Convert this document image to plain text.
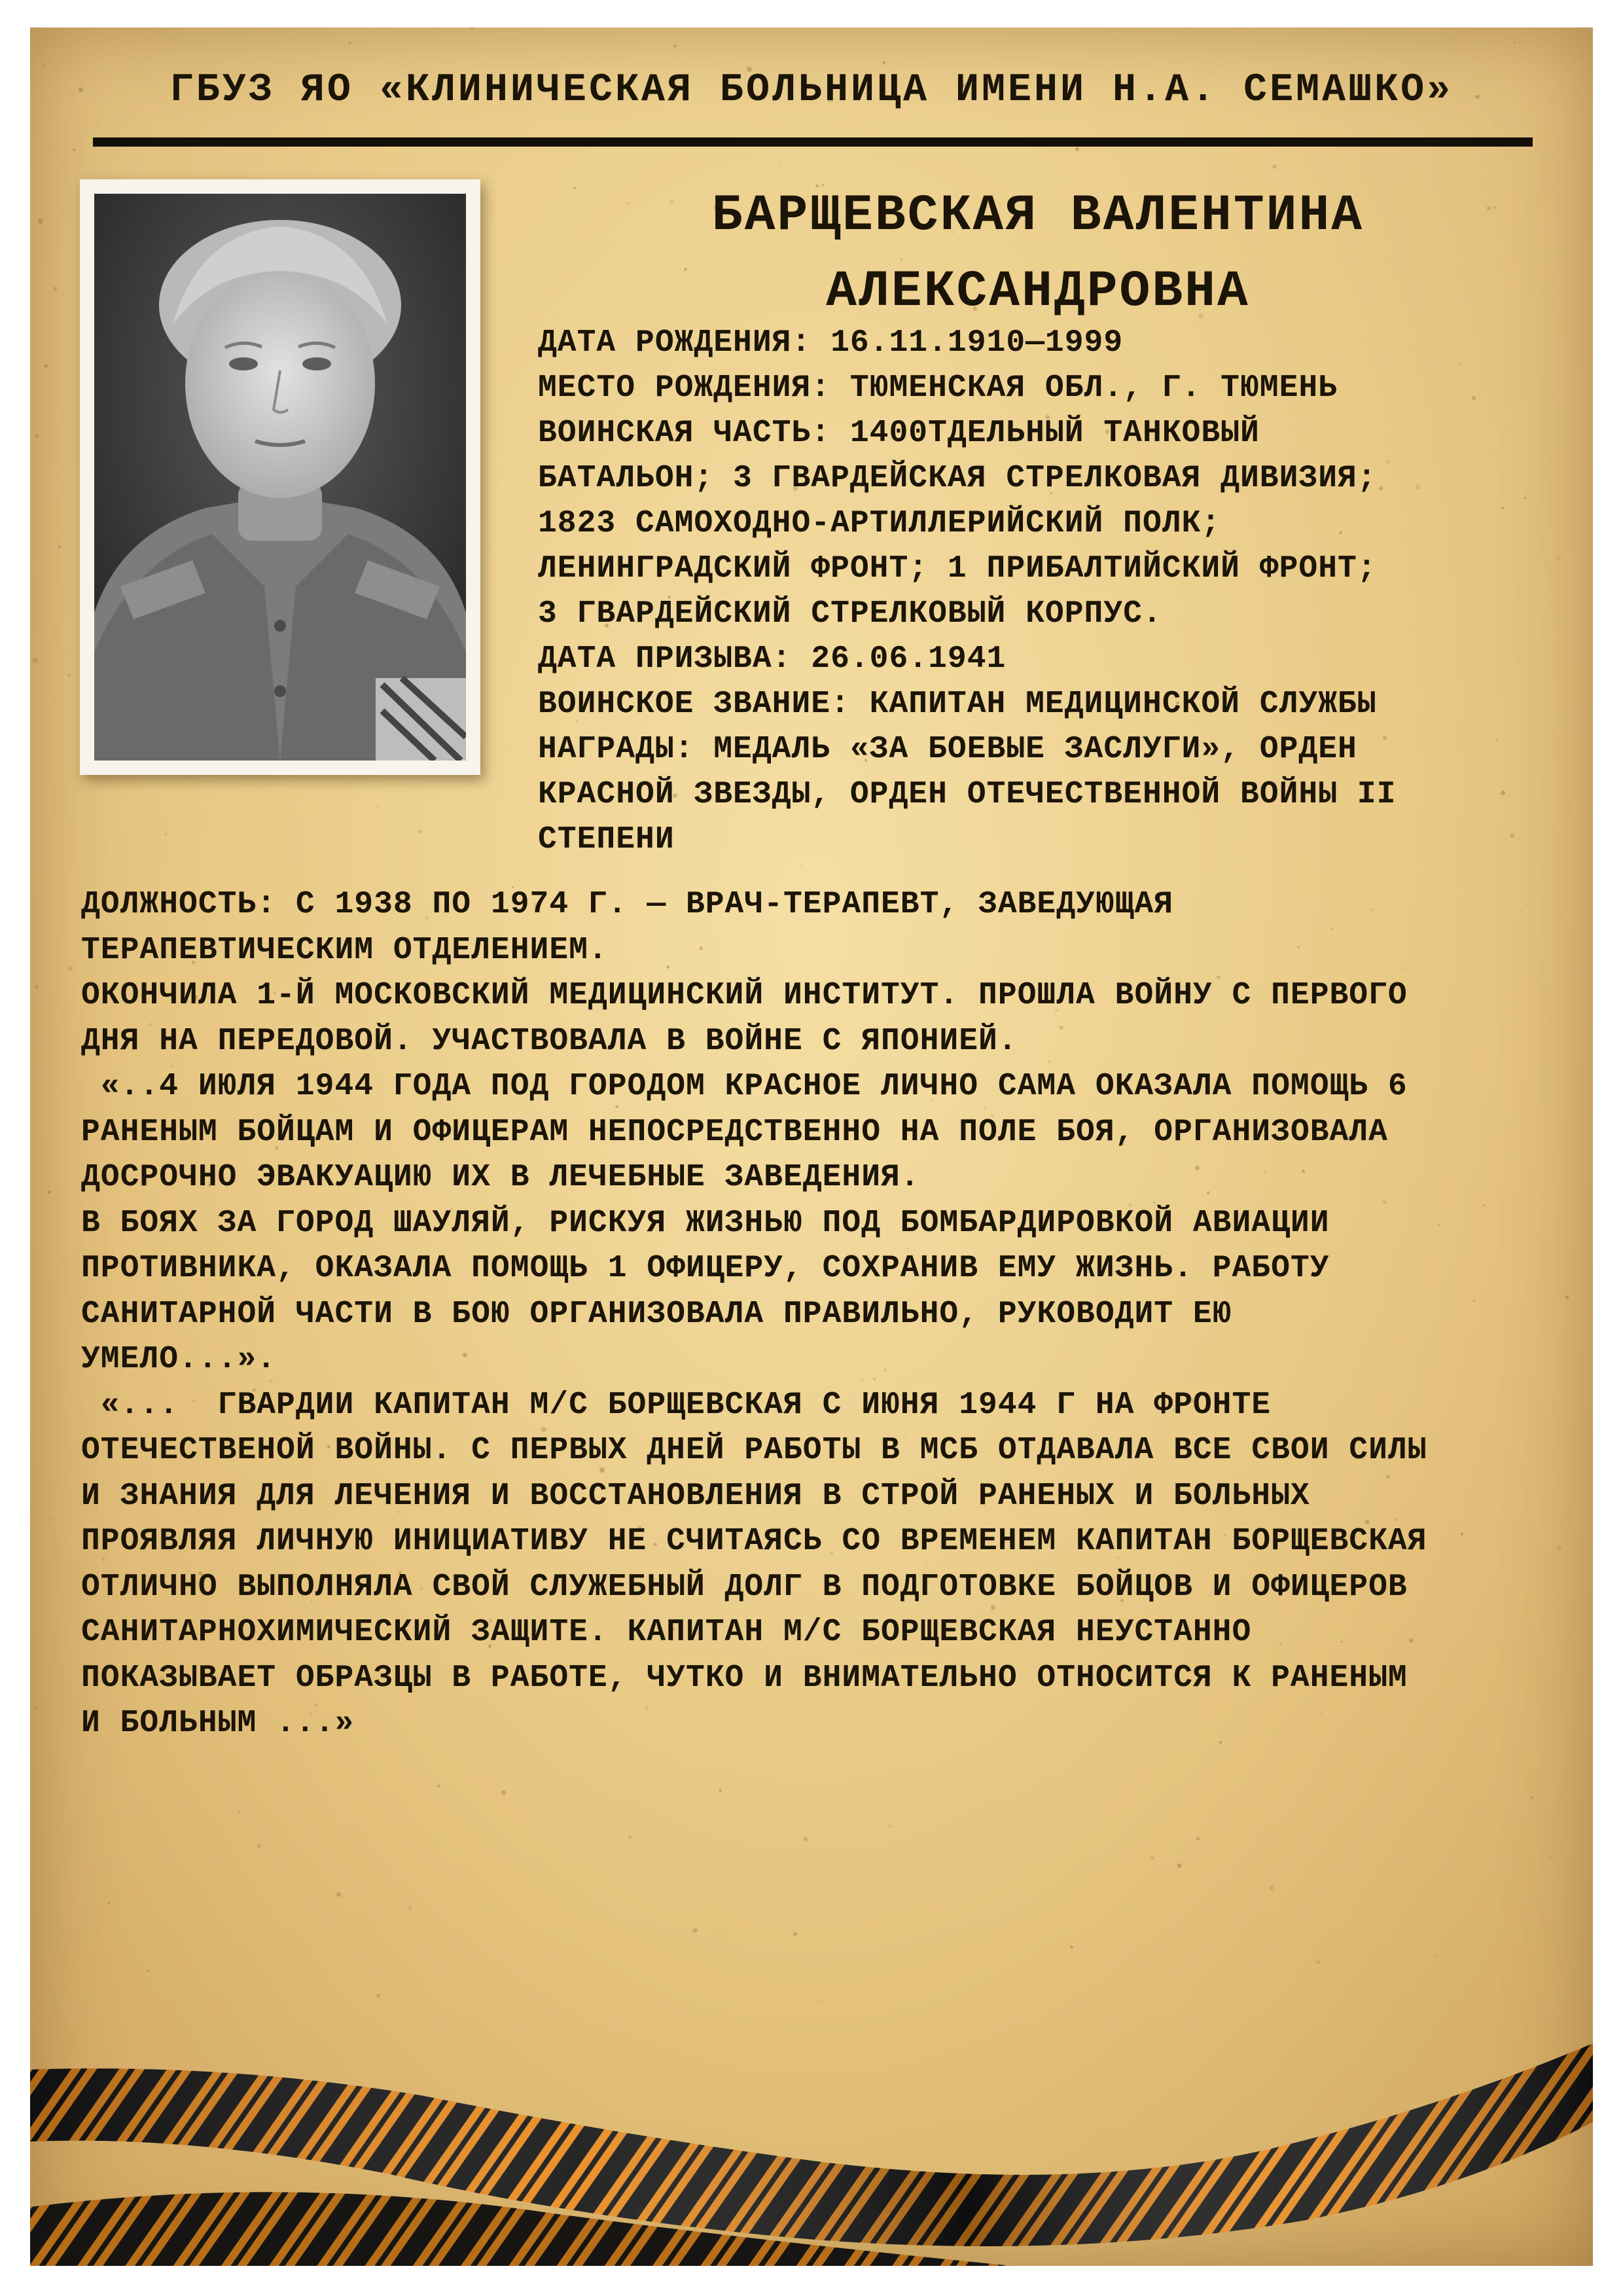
ГБУЗ ЯО «КЛИНИЧЕСКАЯ БОЛЬНИЦА ИМЕНИ Н.А. СЕМАШКО»
БАРЩЕВСКАЯ ВАЛЕНТИНА
АЛЕКСАНДРОВНА
ДАТА РОЖДЕНИЯ: 16.11.1910—1999
МЕСТО РОЖДЕНИЯ: ТЮМЕНСКАЯ ОБЛ., Г. ТЮМЕНЬ
ВОИНСКАЯ ЧАСТЬ: 1400ТДЕЛЬНЫЙ ТАНКОВЫЙ
БАТАЛЬОН; 3 ГВАРДЕЙСКАЯ СТРЕЛКОВАЯ ДИВИЗИЯ;
1823 САМОХОДНО-АРТИЛЛЕРИЙСКИЙ ПОЛК;
ЛЕНИНГРАДСКИЙ ФРОНТ; 1 ПРИБАЛТИЙСКИЙ ФРОНТ;
3 ГВАРДЕЙСКИЙ СТРЕЛКОВЫЙ КОРПУС.
ДАТА ПРИЗЫВА: 26.06.1941
ВОИНСКОЕ ЗВАНИЕ: КАПИТАН МЕДИЦИНСКОЙ СЛУЖБЫ
НАГРАДЫ: МЕДАЛЬ «ЗА БОЕВЫЕ ЗАСЛУГИ», ОРДЕН
КРАСНОЙ ЗВЕЗДЫ, ОРДЕН ОТЕЧЕСТВЕННОЙ ВОЙНЫ II
СТЕПЕНИ
ДОЛЖНОСТЬ: С 1938 ПО 1974 Г. — ВРАЧ-ТЕРАПЕВТ, ЗАВЕДУЮЩАЯ
ТЕРАПЕВТИЧЕСКИМ ОТДЕЛЕНИЕМ.
ОКОНЧИЛА 1-Й МОСКОВСКИЙ МЕДИЦИНСКИЙ ИНСТИТУТ. ПРОШЛА ВОЙНУ С ПЕРВОГО
ДНЯ НА ПЕРЕДОВОЙ. УЧАСТВОВАЛА В ВОЙНЕ С ЯПОНИЕЙ.
«..4 ИЮЛЯ 1944 ГОДА ПОД ГОРОДОМ КРАСНОЕ ЛИЧНО САМА ОКАЗАЛА ПОМОЩЬ 6
РАНЕНЫМ БОЙЦАМ И ОФИЦЕРАМ НЕПОСРЕДСТВЕННО НА ПОЛЕ БОЯ, ОРГАНИЗОВАЛА
ДОСРОЧНО ЭВАКУАЦИЮ ИХ В ЛЕЧЕБНЫЕ ЗАВЕДЕНИЯ.
В БОЯХ ЗА ГОРОД ШАУЛЯЙ, РИСКУЯ ЖИЗНЬЮ ПОД БОМБАРДИРОВКОЙ АВИАЦИИ
ПРОТИВНИКА, ОКАЗАЛА ПОМОЩЬ 1 ОФИЦЕРУ, СОХРАНИВ ЕМУ ЖИЗНЬ. РАБОТУ
САНИТАРНОЙ ЧАСТИ В БОЮ ОРГАНИЗОВАЛА ПРАВИЛЬНО, РУКОВОДИТ ЕЮ
УМЕЛО...».
«...  ГВАРДИИ КАПИТАН М/С БОРЩЕВСКАЯ С ИЮНЯ 1944 Г НА ФРОНТЕ
ОТЕЧЕСТВЕНОЙ ВОЙНЫ. С ПЕРВЫХ ДНЕЙ РАБОТЫ В МСБ ОТДАВАЛА ВСЕ СВОИ СИЛЫ
И ЗНАНИЯ ДЛЯ ЛЕЧЕНИЯ И ВОССТАНОВЛЕНИЯ В СТРОЙ РАНЕНЫХ И БОЛЬНЫХ
ПРОЯВЛЯЯ ЛИЧНУЮ ИНИЦИАТИВУ НЕ СЧИТАЯСЬ СО ВРЕМЕНЕМ КАПИТАН БОРЩЕВСКАЯ
ОТЛИЧНО ВЫПОЛНЯЛА СВОЙ СЛУЖЕБНЫЙ ДОЛГ В ПОДГОТОВКЕ БОЙЦОВ И ОФИЦЕРОВ
САНИТАРНОХИМИЧЕСКИЙ ЗАЩИТЕ. КАПИТАН М/С БОРЩЕВСКАЯ НЕУСТАННО
ПОКАЗЫВАЕТ ОБРАЗЦЫ В РАБОТЕ, ЧУТКО И ВНИМАТЕЛЬНО ОТНОСИТСЯ К РАНЕНЫМ
И БОЛЬНЫМ ...»
